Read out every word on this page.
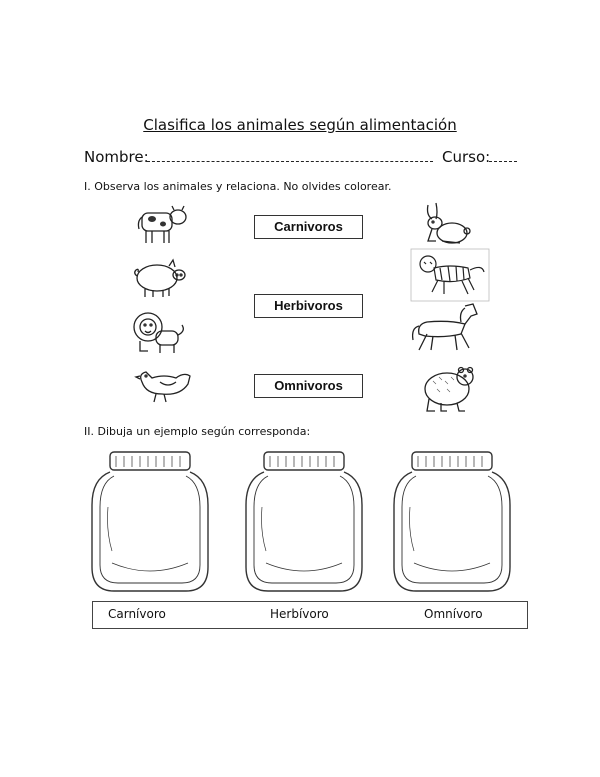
Clasifica los animales según alimentación
Nombre:	Curso:
I. Observa los animales y relaciona. No olvides colorear.
Carnivoros
Herbivoros
Omnivoros
II. Dibuja un ejemplo según corresponda:
Carnívoro	Herbívoro	Omnívoro
